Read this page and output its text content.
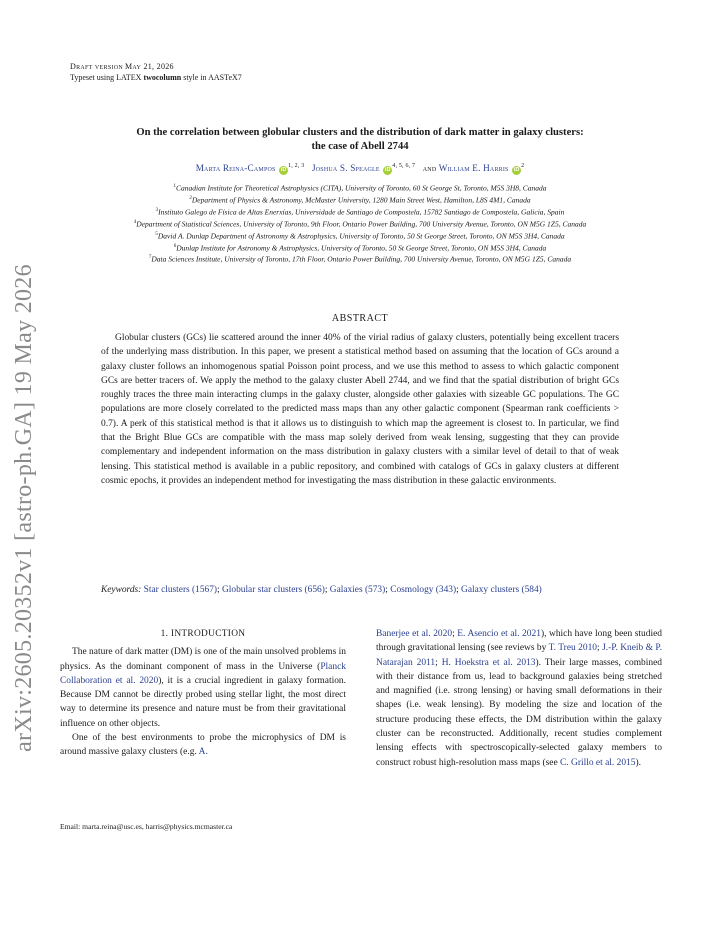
arXiv:2605.20352v1 [astro-ph.GA] 19 May 2026
Draft version May 21, 2026
Typeset using LATEX twocolumn style in AASTeX7
On the correlation between globular clusters and the distribution of dark matter in galaxy clusters:
the case of Abell 2744
Marta Reina-Campos iD$^{1, 2, 3}$ Joshua S. Speagle iD$^{4, 5, 6, 7}$ and William E. Harris $iD^2$
$^1$Canadian Institute for Theoretical Astrophysics (CITA), University of Toronto, 60 St George St, Toronto, M5S 3H8, Canada
$^2$Department of Physics & Astronomy, McMaster University, 1280 Main Street West, Hamilton, L8S 4M1, Canada
$^3$Instituto Galego de Física de Altas Enerxías, Universidade de Santiago de Compostela, 15782 Santiago de Compostela, Galicia, Spain
$^4$Department of Statistical Sciences, University of Toronto, 9th Floor, Ontario Power Building, 700 University Avenue, Toronto, ON M5G 1Z5, Canada
$^5$David A. Dunlap Department of Astronomy & Astrophysics, University of Toronto, 50 St George Street, Toronto, ON M5S 3H4, Canada
$^6$Dunlap Institute for Astronomy & Astrophysics, University of Toronto, 50 St George Street, Toronto, ON M5S 3H4, Canada
$^7$Data Sciences Institute, University of Toronto, 17th Floor, Ontario Power Building, 700 University Avenue, Toronto, ON M5G 1Z5, Canada
ABSTRACT
Globular clusters (GCs) lie scattered around the inner 40% of the virial radius of galaxy clusters, potentially being excellent tracers of the underlying mass distribution. In this paper, we present a statistical method based on assuming that the location of GCs around a galaxy cluster follows an inhomogenous spatial Poisson point process, and we use this method to assess to which galactic component GCs are better tracers of. We apply the method to the galaxy cluster Abell 2744, and we find that the spatial distribution of bright GCs roughly traces the three main interacting clumps in the galaxy cluster, alongside other galaxies with sizeable GC populations. The GC populations are more closely correlated to the predicted mass maps than any other galactic component (Spearman rank coefficients > 0.7). A perk of this statistical method is that it allows us to distinguish to which map the agreement is closest to. In particular, we find that the Bright Blue GCs are compatible with the mass map solely derived from weak lensing, suggesting that they can provide complementary and independent information on the mass distribution in galaxy clusters with a similar level of detail to that of weak lensing. This statistical method is available in a public repository, and combined with catalogs of GCs in galaxy clusters at different cosmic epochs, it provides an independent method for investigating the mass distribution in these galactic environments.
Keywords: Star clusters (1567); Globular star clusters (656); Galaxies (573); Cosmology (343); Galaxy clusters (584)
1. INTRODUCTION

The nature of dark matter (DM) is one of the main unsolved problems in physics. As the dominant component of mass in the Universe (Planck Collaboration et al. 2020), it is a crucial ingredient in galaxy formation. Because DM cannot be directly probed using stellar light, the most direct way to determine its presence and nature must be from their gravitational influence on other objects.

One of the best environments to probe the microphysics of DM is around massive galaxy clusters (e.g. A.

Banerjee et al. 2020; E. Asencio et al. 2021), which have long been studied through gravitational lensing (see reviews by T. Treu 2010; J.-P. Kneib & P. Natarajan 2011; H. Hoekstra et al. 2013). Their large masses, combined with their distance from us, lead to background galaxies being stretched and magnified (i.e. strong lensing) or having small deformations in their shapes (i.e. weak lensing). By modeling the size and location of the structure producing these effects, the DM distribution within the galaxy cluster can be reconstructed. Additionally, recent studies complement lensing effects with spectroscopically-selected galaxy members to construct robust high-resolution mass maps (see C. Grillo et al. 2015).

Email: marta.reina@usc.es, harris@physics.mcmaster.ca
